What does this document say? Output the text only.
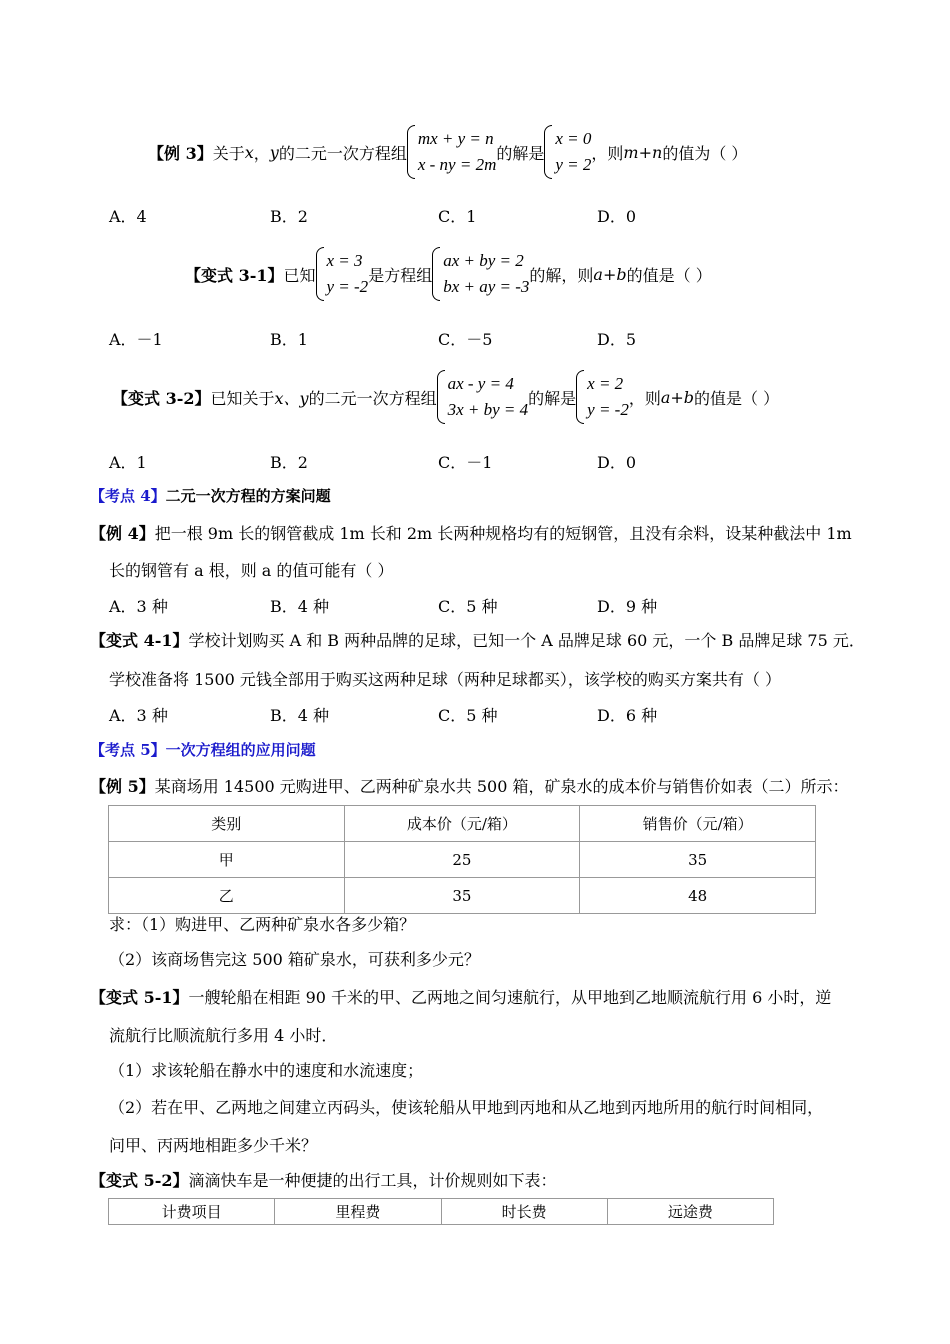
【例 3】 关于 x ， y 的二元一次方程组
mx + y = n
x - ny = 2m
的解是
x = 0
y = 2
，则 m+n 的值为（ ）
A．4	B．2	C．1	D．0
【变式 3-1】 已知
x = 3
y = -2
是方程组
ax + by = 2
bx + ay = -3
的解，则 a+b 的值是（ ）
A．－1	B．1	C．－5	D．5
【变式 3-2】 已知关于 x、y 的二元一次方程组
ax - y = 4
3x + by = 4
的解是
x = 2
y = -2
，则 a+b 的值是（ ）
A．1	B．2	C．－1	D．0
【考点 4】二元一次方程的方案问题
【例 4】把一根 9m 长的钢管截成 1m 长和 2m 长两种规格均有的短钢管，且没有余料，设某种截法中 1m
长的钢管有 a 根，则 a 的值可能有（ ）
A．3 种	B．4 种	C．5 种	D．9 种
【变式 4-1】学校计划购买 A 和 B 两种品牌的足球，已知一个 A 品牌足球 60 元，一个 B 品牌足球 75 元．
学校准备将 1500 元钱全部用于购买这两种足球（两种足球都买），该学校的购买方案共有（ ）
A．3 种	B．4 种	C．5 种	D．6 种
【考点 5】一次方程组的应用问题
【例 5】某商场用 14500 元购进甲、乙两种矿泉水共 500 箱，矿泉水的成本价与销售价如表（二）所示：
类别	成本价（元/箱）	销售价（元/箱）
甲	25	35
乙	35	48
求：（1）购进甲、乙两种矿泉水各多少箱？
（2）该商场售完这 500 箱矿泉水，可获利多少元？
【变式 5-1】一艘轮船在相距 90 千米的甲、乙两地之间匀速航行，从甲地到乙地顺流航行用 6 小时，逆
流航行比顺流航行多用 4 小时．
（1）求该轮船在静水中的速度和水流速度；
（2）若在甲、乙两地之间建立丙码头，使该轮船从甲地到丙地和从乙地到丙地所用的航行时间相同，
问甲、丙两地相距多少千米？
【变式 5-2】滴滴快车是一种便捷的出行工具，计价规则如下表：
计费项目	里程费	时长费	远途费
